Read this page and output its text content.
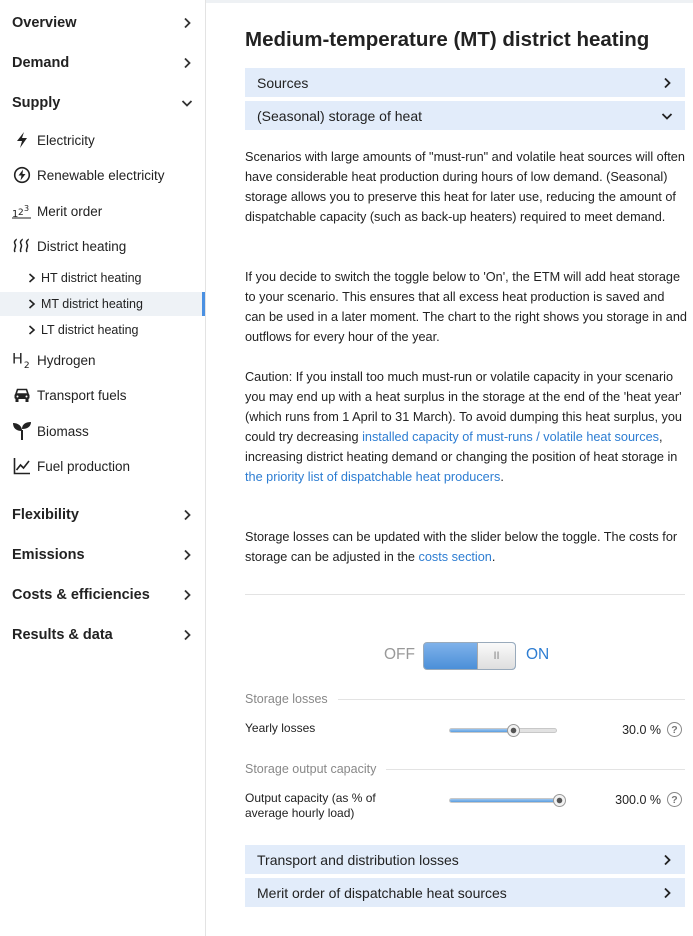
Overview
Demand
Supply
Electricity
Renewable electricity
1 2 3 Merit order
District heating
HT district heating
MT district heating
LT district heating
H 2 Hydrogen
Transport fuels
Biomass
Fuel production
Flexibility
Emissions
Costs & efficiencies
Results & data
Medium-temperature (MT) district heating
Sources
(Seasonal) storage of heat

Scenarios with large amounts of "must-run" and volatile heat sources will often have considerable heat production during hours of low demand. (Seasonal) storage allows you to preserve this heat for later use, reducing the amount of dispatchable capacity (such as back-up heaters) required to meet demand.

If you decide to switch the toggle below to 'On', the ETM will add heat storage to your scenario. This ensures that all excess heat production is saved and can be used in a later moment. The chart to the right shows you storage in and outflows for every hour of the year.

Caution: If you install too much must-run or volatile capacity in your scenario you may end up with a heat surplus in the storage at the end of the 'heat year' (which runs from 1 April to 31 March). To avoid dumping this heat surplus, you could try decreasing installed capacity of must-runs / volatile heat sources, increasing district heating demand or changing the position of heat storage in the priority list of dispatchable heat producers.

Storage losses can be updated with the slider below the toggle. The costs for storage can be adjusted in the costs section.

OFF	II ON
Storage losses
Yearly losses	30.0 % ?
Storage output capacity
Output capacity (as % of
average hourly load)
300.0 % ?
Transport and distribution losses
Merit order of dispatchable heat sources
